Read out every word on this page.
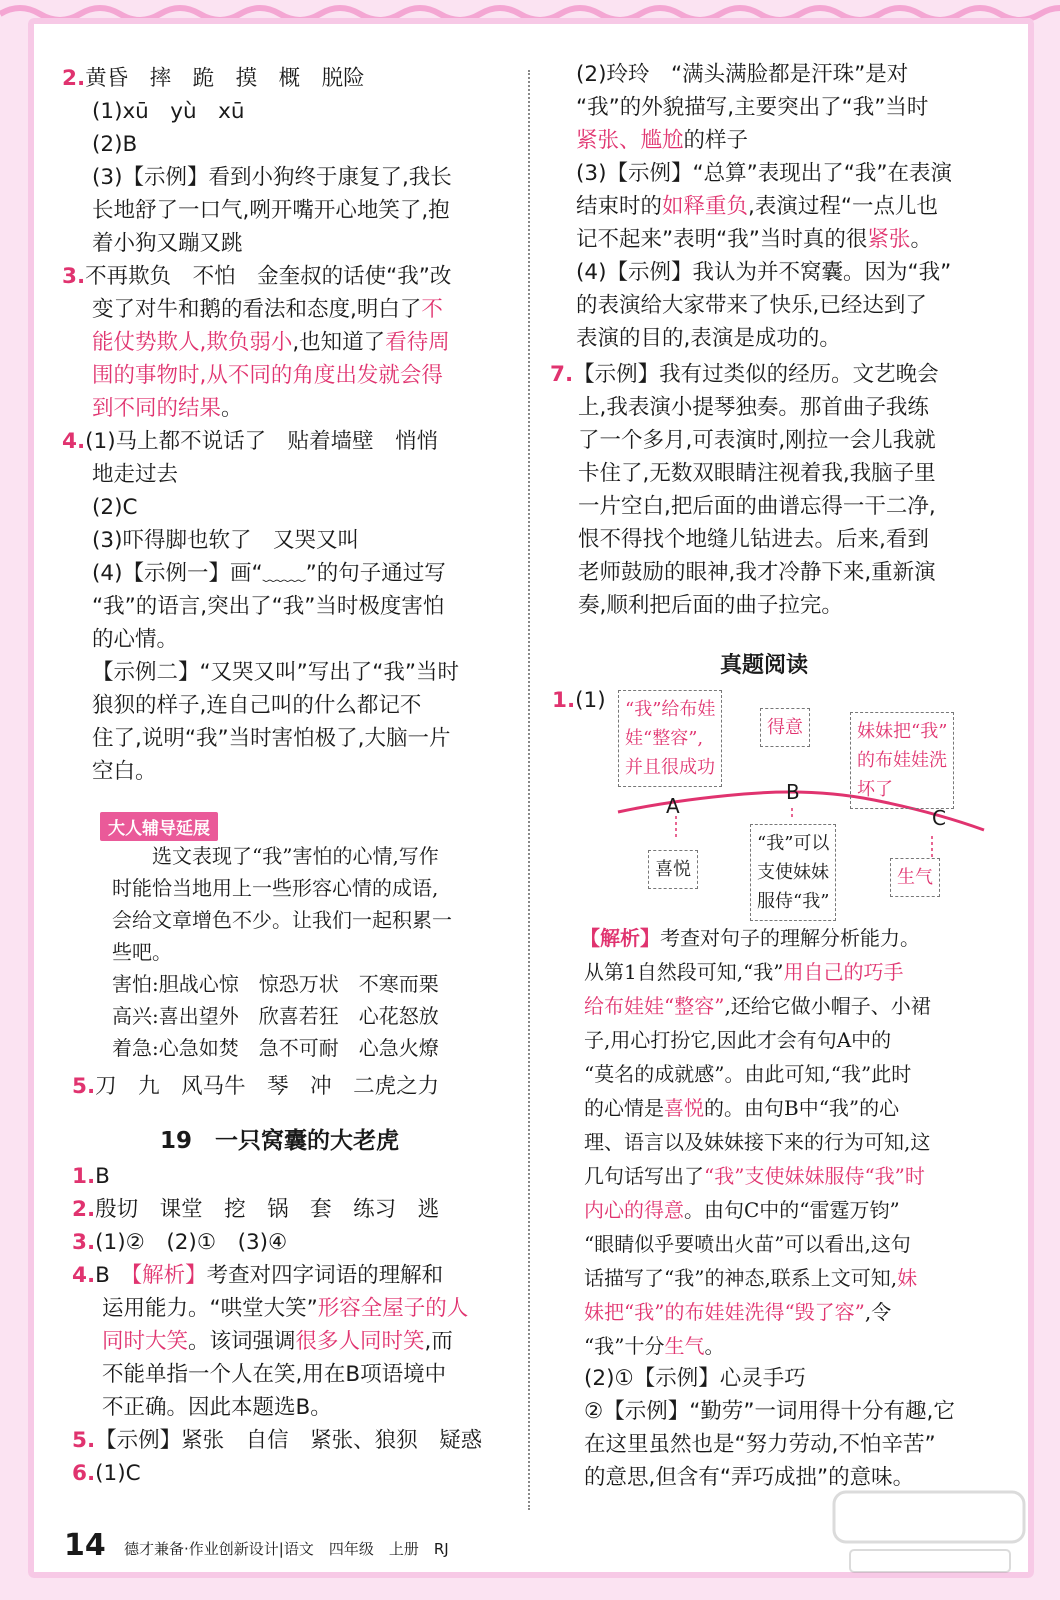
2.黄昏　摔　跪　摸　概　脱险
(1)xū　yù　xū
(2)B
(3)【示例】看到小狗终于康复了,我长
长地舒了一口气,咧开嘴开心地笑了,抱
着小狗又蹦又跳
3.不再欺负　不怕　金奎叔的话使“我”改
变了对牛和鹅的看法和态度,明白了不
能仗势欺人,欺负弱小,也知道了看待周
围的事物时,从不同的角度出发就会得
到不同的结果。
4.(1)马上都不说话了　贴着墙壁　悄悄
地走过去
(2)C
(3)吓得脚也软了　又哭又叫
(4)【示例一】画“﹏﹏”的句子通过写
“我”的语言,突出了“我”当时极度害怕
的心情。
【示例二】“又哭又叫”写出了“我”当时
狼狈的样子,连自己叫的什么都记不
住了,说明“我”当时害怕极了,大脑一片
空白。
大人辅导延展
　　选文表现了“我”害怕的心情,写作
时能恰当地用上一些形容心情的成语,
会给文章增色不少。让我们一起积累一
些吧。
害怕:胆战心惊　惊恐万状　不寒而栗
高兴:喜出望外　欣喜若狂　心花怒放
着急:心急如焚　急不可耐　心急火燎
5.刀　九　风马牛　琴　冲　二虎之力
19　一只窝囊的大老虎
1.B
2.殷切　课堂　挖　锅　套　练习　逃
3.(1)②　(2)①　(3)④
4.B　【解析】考查对四字词语的理解和
运用能力。“哄堂大笑”形容全屋子的人
同时大笑。该词强调很多人同时笑,而
不能单指一个人在笑,用在B项语境中
不正确。因此本题选B。
5.【示例】紧张　自信　紧张、狼狈　疑惑
6.(1)C
(2)玲玲　“满头满脸都是汗珠”是对
“我”的外貌描写,主要突出了“我”当时
紧张、尴尬的样子
(3)【示例】“总算”表现出了“我”在表演
结束时的如释重负,表演过程“一点儿也
记不起来”表明“我”当时真的很紧张。
(4)【示例】我认为并不窝囊。因为“我”
的表演给大家带来了快乐,已经达到了
表演的目的,表演是成功的。
7.【示例】我有过类似的经历。文艺晚会
上,我表演小提琴独奏。那首曲子我练
了一个多月,可表演时,刚拉一会儿我就
卡住了,无数双眼睛注视着我,我脑子里
一片空白,把后面的曲谱忘得一干二净,
恨不得找个地缝儿钻进去。后来,看到
老师鼓励的眼神,我才冷静下来,重新演
奏,顺利把后面的曲子拉完。
真题阅读
1.(1)	“我”给布娃
娃“整容”,
并且很成功
得意	妹妹把“我”
的布娃娃洗
坏了
A
B
C
喜悦
“我”可以
支使妹妹
服侍“我”
生气
【解析】考查对句子的理解分析能力。
从第1自然段可知,“我”用自己的巧手
给布娃娃“整容”,还给它做小帽子、小裙
子,用心打扮它,因此才会有句A中的
“莫名的成就感”。由此可知,“我”此时
的心情是喜悦的。由句B中“我”的心
理、语言以及妹妹接下来的行为可知,这
几句话写出了“我”支使妹妹服侍“我”时
内心的得意。由句C中的“雷霆万钧”
“眼睛似乎要喷出火苗”可以看出,这句
话描写了“我”的神态,联系上文可知,妹
妹把“我”的布娃娃洗得“毁了容”,令
“我”十分生气。
(2)①【示例】心灵手巧
②【示例】“勤劳”一词用得十分有趣,它
在这里虽然也是“努力劳动,不怕辛苦”
的意思,但含有“弄巧成拙”的意味。
14 德才兼备·作业创新设计|语文　四年级　上册　RJ
